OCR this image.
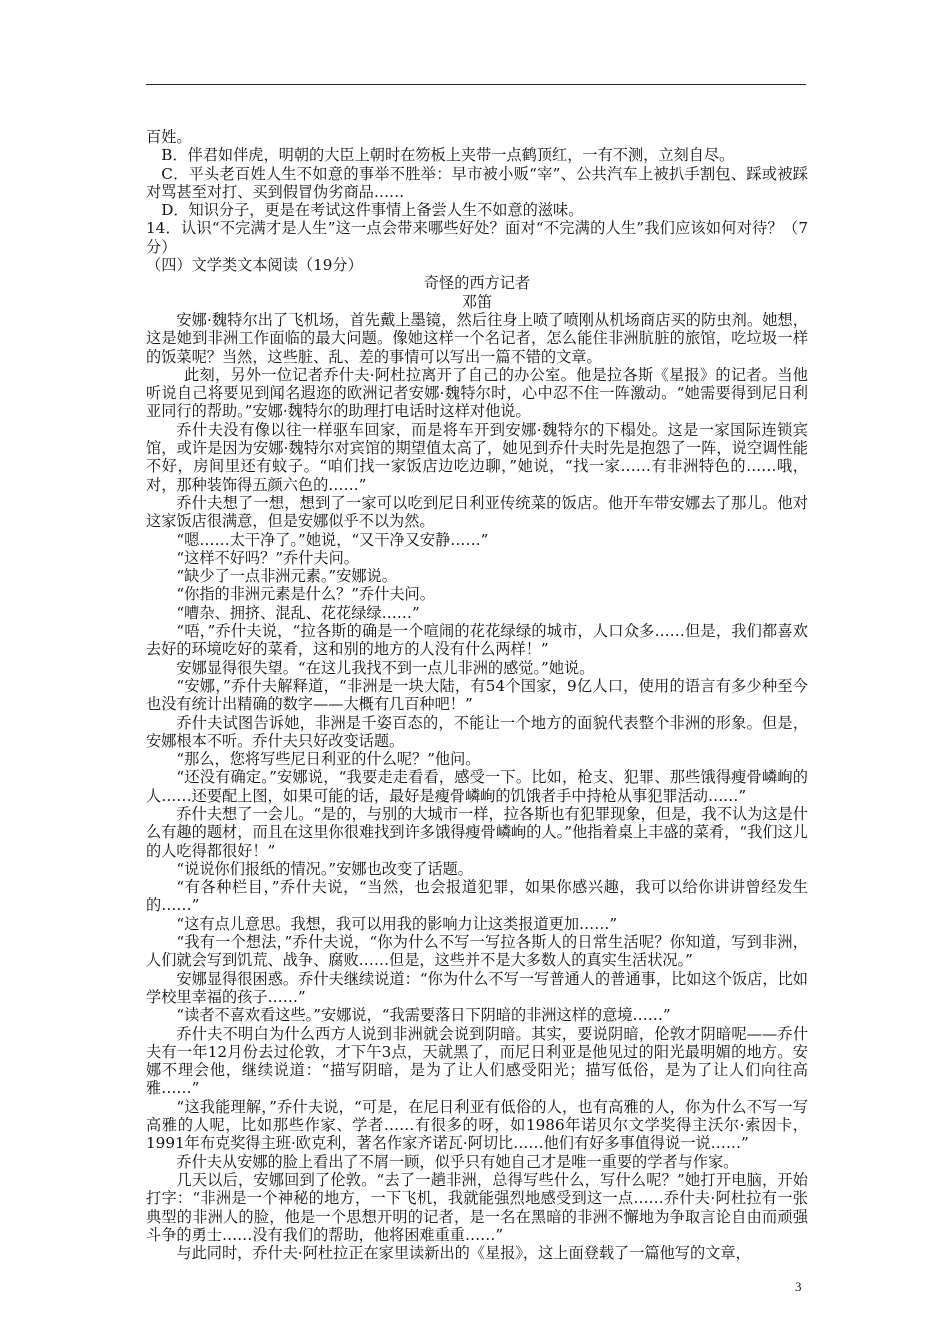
百姓。

B．伴君如伴虎，明朝的大臣上朝时在笏板上夹带一点鹤顶红，一有不测，立刻自尽。

C．平头老百姓人生不如意的事举不胜举：早市被小贩“宰”、公共汽车上被扒手割包、踩或被踩对骂甚至对打、买到假冒伪劣商品……

D．知识分子，更是在考试这件事情上备尝人生不如意的滋味。

14．认识“不完满才是人生”这一点会带来哪些好处？面对“不完满的人生”我们应该如何对待？（7分）

（四）文学类文本阅读（19分）

奇怪的西方记者

邓笛

安娜·魏特尔出了飞机场，首先戴上墨镜，然后往身上喷了喷刚从机场商店买的防虫剂。她想，这是她到非洲工作面临的最大问题。像她这样一个名记者，怎么能住非洲肮脏的旅馆，吃垃圾一样的饭菜呢？当然，这些脏、乱、差的事情可以写出一篇不错的文章。

此刻，另外一位记者乔什夫·阿杜拉离开了自己的办公室。他是拉各斯《星报》的记者。当他听说自己将要见到闻名遐迩的欧洲记者安娜·魏特尔时，心中忍不住一阵激动。“她需要得到尼日利亚同行的帮助。”安娜·魏特尔的助理打电话时这样对他说。

乔什夫没有像以往一样驱车回家，而是将车开到安娜·魏特尔的下榻处。这是一家国际连锁宾馆，或许是因为安娜·魏特尔对宾馆的期望值太高了，她见到乔什夫时先是抱怨了一阵，说空调性能不好，房间里还有蚊子。“咱们找一家饭店边吃边聊，”她说，“找一家……有非洲特色的……哦，对，那种装饰得五颜六色的……”

乔什夫想了一想，想到了一家可以吃到尼日利亚传统菜的饭店。他开车带安娜去了那儿。他对这家饭店很满意，但是安娜似乎不以为然。

“嗯……太干净了。”她说，“又干净又安静……”

“这样不好吗？”乔什夫问。

“缺少了一点非洲元素。”安娜说。

“你指的非洲元素是什么？”乔什夫问。

“嘈杂、拥挤、混乱、花花绿绿……”

“唔，”乔什夫说，“拉各斯的确是一个喧闹的花花绿绿的城市，人口众多……但是，我们都喜欢去好的环境吃好的菜肴，这和别的地方的人没有什么两样！”

安娜显得很失望。“在这儿我找不到一点儿非洲的感觉。”她说。

“安娜，”乔什夫解释道，“非洲是一块大陆，有54个国家，9亿人口，使用的语言有多少种至今也没有统计出精确的数字——大概有几百种吧！”

乔什夫试图告诉她，非洲是千姿百态的，不能让一个地方的面貌代表整个非洲的形象。但是，安娜根本不听。乔什夫只好改变话题。

“那么，您将写些尼日利亚的什么呢？”他问。

“还没有确定。”安娜说，“我要走走看看，感受一下。比如，枪支、犯罪、那些饿得瘦骨嶙峋的人……还要配上图，如果可能的话，最好是瘦骨嶙峋的饥饿者手中持枪从事犯罪活动……”

乔什夫想了一会儿。“是的，与别的大城市一样，拉各斯也有犯罪现象，但是，我不认为这是什么有趣的题材，而且在这里你很难找到许多饿得瘦骨嶙峋的人。”他指着桌上丰盛的菜肴，“我们这儿的人吃得都很好！”

“说说你们报纸的情况。”安娜也改变了话题。

“有各种栏目，”乔什夫说，“当然，也会报道犯罪，如果你感兴趣，我可以给你讲讲曾经发生的……”

“这有点儿意思。我想，我可以用我的影响力让这类报道更加……”

“我有一个想法，”乔什夫说，“你为什么不写一写拉各斯人的日常生活呢？你知道，写到非洲，人们就会写到饥荒、战争、腐败……但是，这些并不是大多数人的真实生活状况。”

安娜显得很困惑。乔什夫继续说道：“你为什么不写一写普通人的普通事，比如这个饭店，比如学校里幸福的孩子……”

“读者不喜欢看这些。”安娜说，“我需要落日下阴暗的非洲这样的意境……”

乔什夫不明白为什么西方人说到非洲就会说到阴暗。其实，要说阴暗，伦敦才阴暗呢——乔什夫有一年12月份去过伦敦，才下午3点，天就黑了，而尼日利亚是他见过的阳光最明媚的地方。安娜不理会他，继续说道：“描写阴暗，是为了让人们感受阳光；描写低俗，是为了让人们向往高雅……”

“这我能理解，”乔什夫说，“可是，在尼日利亚有低俗的人，也有高雅的人，你为什么不写一写高雅的人呢，比如那些作家、学者……有很多的呀，如1986年诺贝尔文学奖得主沃尔·索因卡，1991年布克奖得主班·欧克利，著名作家齐诺瓦·阿切比……他们有好多事值得说一说……”

乔什夫从安娜的脸上看出了不屑一顾，似乎只有她自己才是唯一重要的学者与作家。

几天以后，安娜回到了伦敦。“去了一趟非洲，总得写些什么，写什么呢？”她打开电脑，开始打字：“非洲是一个神秘的地方，一下飞机，我就能强烈地感受到这一点……乔什夫·阿杜拉有一张典型的非洲人的脸，他是一个思想开明的记者，是一名在黑暗的非洲不懈地为争取言论自由而顽强斗争的勇士……没有我们的帮助，他将困难重重……”

与此同时，乔什夫·阿杜拉正在家里读新出的《星报》，这上面登载了一篇他写的文章，

3
